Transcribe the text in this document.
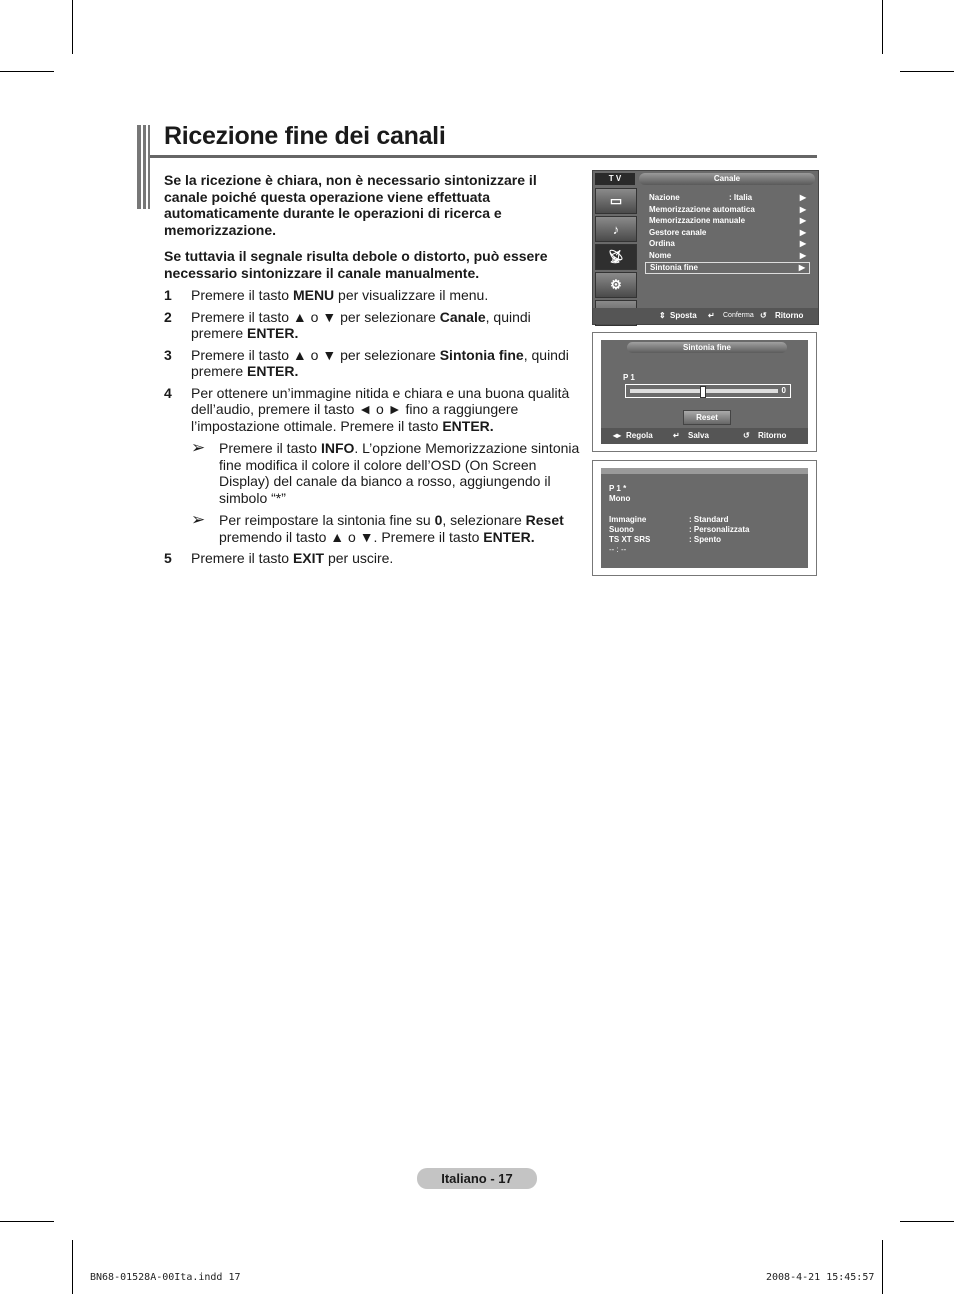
Ricezione fine dei canali

Se la ricezione è chiara, non è necessario sintonizzare il canale poiché questa operazione viene effettuata automaticamente durante le operazioni di ricerca e memorizzazione.

Se tuttavia il segnale risulta debole o distorto, può essere necessario sintonizzare il canale manualmente.

1	Premere il tasto MENU per visualizzare il menu.
2	Premere il tasto ▲ o ▼ per selezionare Canale, quindi premere ENTER.
3	Premere il tasto ▲ o ▼ per selezionare Sintonia fine, quindi premere ENTER.
4	Per ottenere un’immagine nitida e chiara e una buona qualità dell’audio, premere il tasto ◄ o ► fino a raggiungere l’impostazione ottimale. Premere il tasto ENTER.
➢ Premere il tasto INFO. L’opzione Memorizzazione sintonia fine modifica il colore il colore dell’OSD (On Screen Display) del canale da bianco a rosso, aggiungendo il simbolo “*”
➢ Per reimpostare la sintonia fine su 0, selezionare Reset premendo il tasto ▲ o ▼. Premere il tasto ENTER.
5	Premere il tasto EXIT per uscire.
T V	Canale
▭
♪
📡︎
⚙
Nazione	: Italia	▶
Memorizzazione automatica	▶
Memorizzazione manuale	▶
Gestore canale	▶
Ordina	▶
Nome	▶
Sintonia fine	▶
⇕ Sposta ↵ Conferma ↺ Ritorno
Sintonia fine
P 1
0
Reset
◂▸ Regola	↵ Salva	↺ Ritorno
P 1 *
Mono
Immagine	: Standard
Suono	: Personalizzata
TS XT SRS	: Spento
-- : --
Italiano - 17
BN68-01528A-00Ita.indd 17	2008-4-21 15:45:57
